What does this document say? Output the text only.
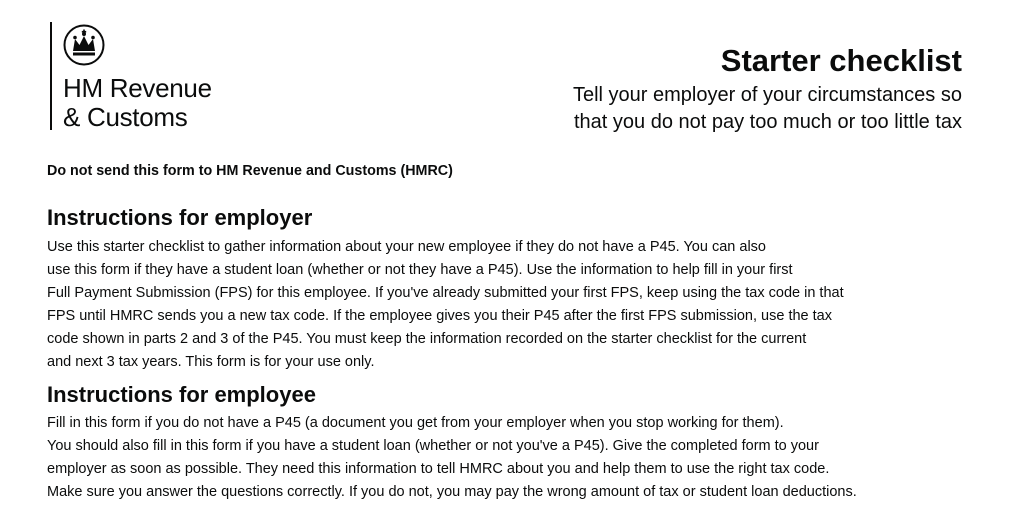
HM Revenue
& Customs
Starter checklist
Tell your employer of your circumstances so
that you do not pay too much or too little tax
Do not send this form to HM Revenue and Customs (HMRC)
Instructions for employer
Use this starter checklist to gather information about your new employee if they do not have a P45. You can also
use this form if they have a student loan (whether or not they have a P45). Use the information to help fill in your first
Full Payment Submission (FPS) for this employee. If you've already submitted your first FPS, keep using the tax code in that
FPS until HMRC sends you a new tax code. If the employee gives you their P45 after the first FPS submission, use the tax
code shown in parts 2 and 3 of the P45. You must keep the information recorded on the starter checklist for the current
and next 3 tax years. This form is for your use only.
Instructions for employee
Fill in this form if you do not have a P45 (a document you get from your employer when you stop working for them).
You should also fill in this form if you have a student loan (whether or not you've a P45). Give the completed form to your
employer as soon as possible. They need this information to tell HMRC about you and help them to use the right tax code.
Make sure you answer the questions correctly. If you do not, you may pay the wrong amount of tax or student loan deductions.
